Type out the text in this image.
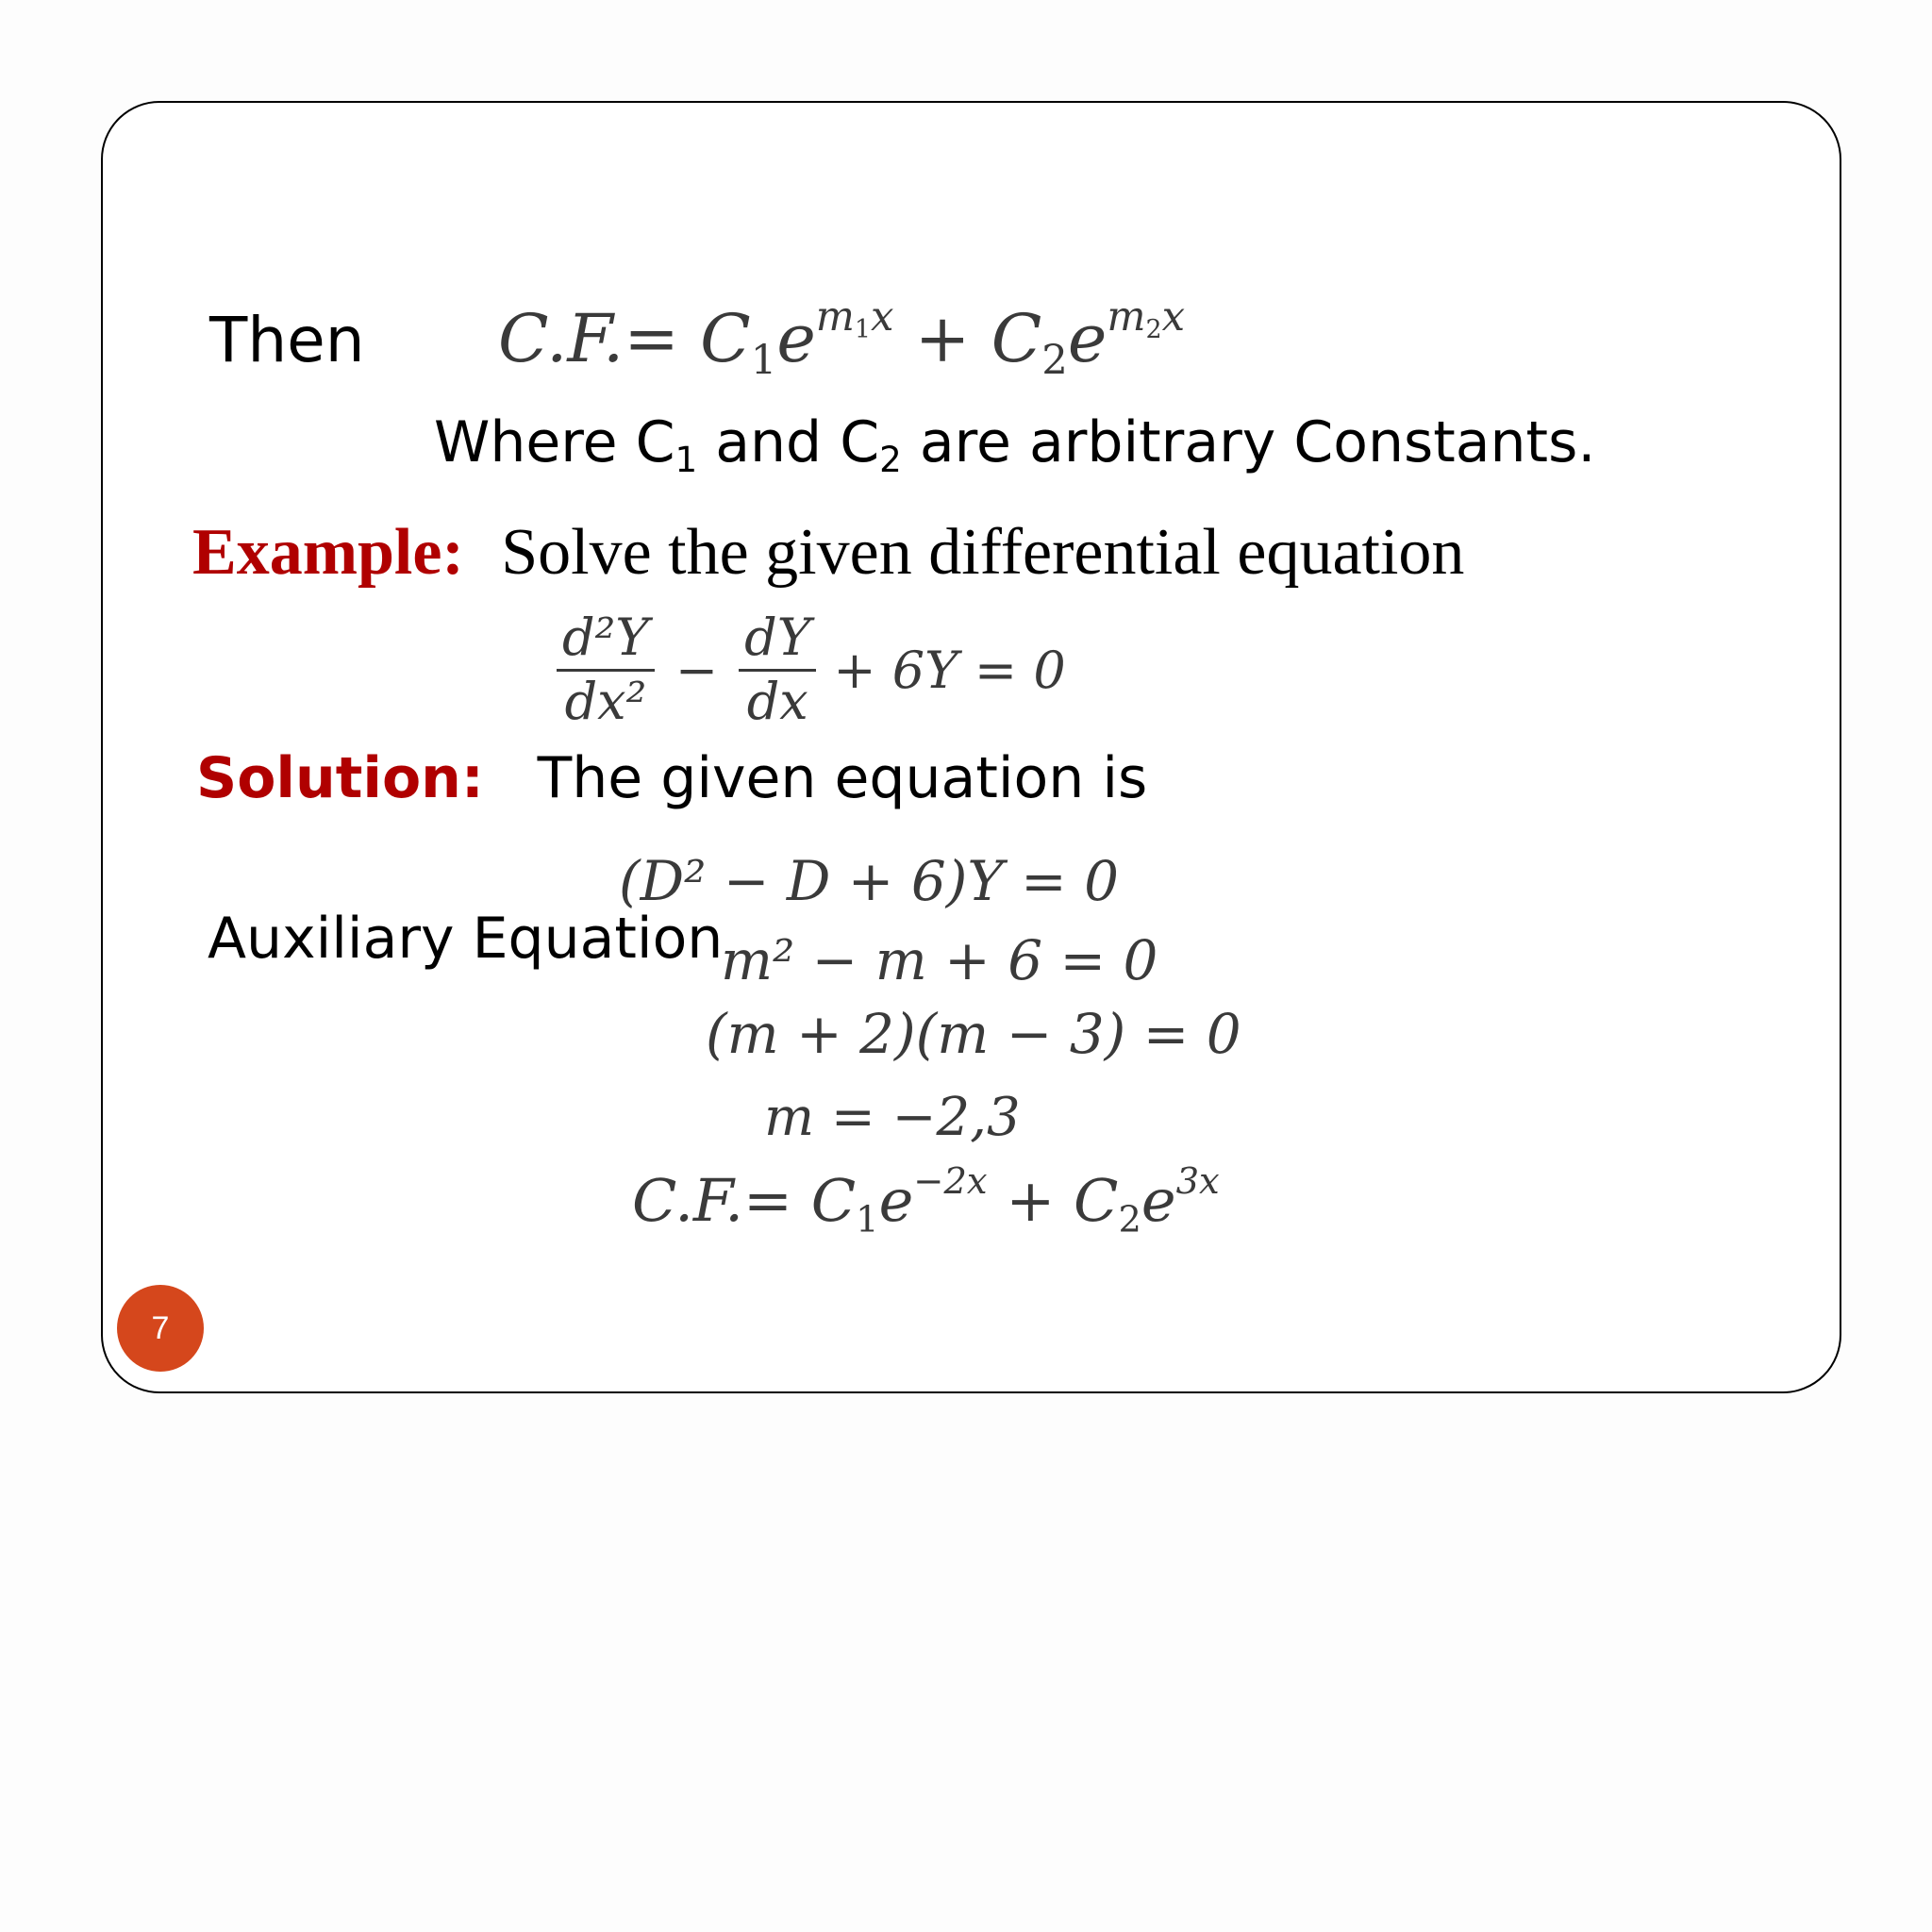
Then $C.F.= C_1e^{m_1x} + C_2e^{m_2x}$
Where $C_1$ and $C_2$ are arbitrary Constants.
Example: Solve the given differential equation
$\frac{\text{d²Y}}{\text{dx²}} - \frac{dY}{dx} + 6Y = 0$
Solution: The given equation is
(D² − D + 6)Y = 0
Auxiliary Equation
m² − m + 6 = 0
(m + 2)(m − 3) = 0
m = −2,3
$C.F.= C_1e^{-2x} + C_2e^{3x}$
7
